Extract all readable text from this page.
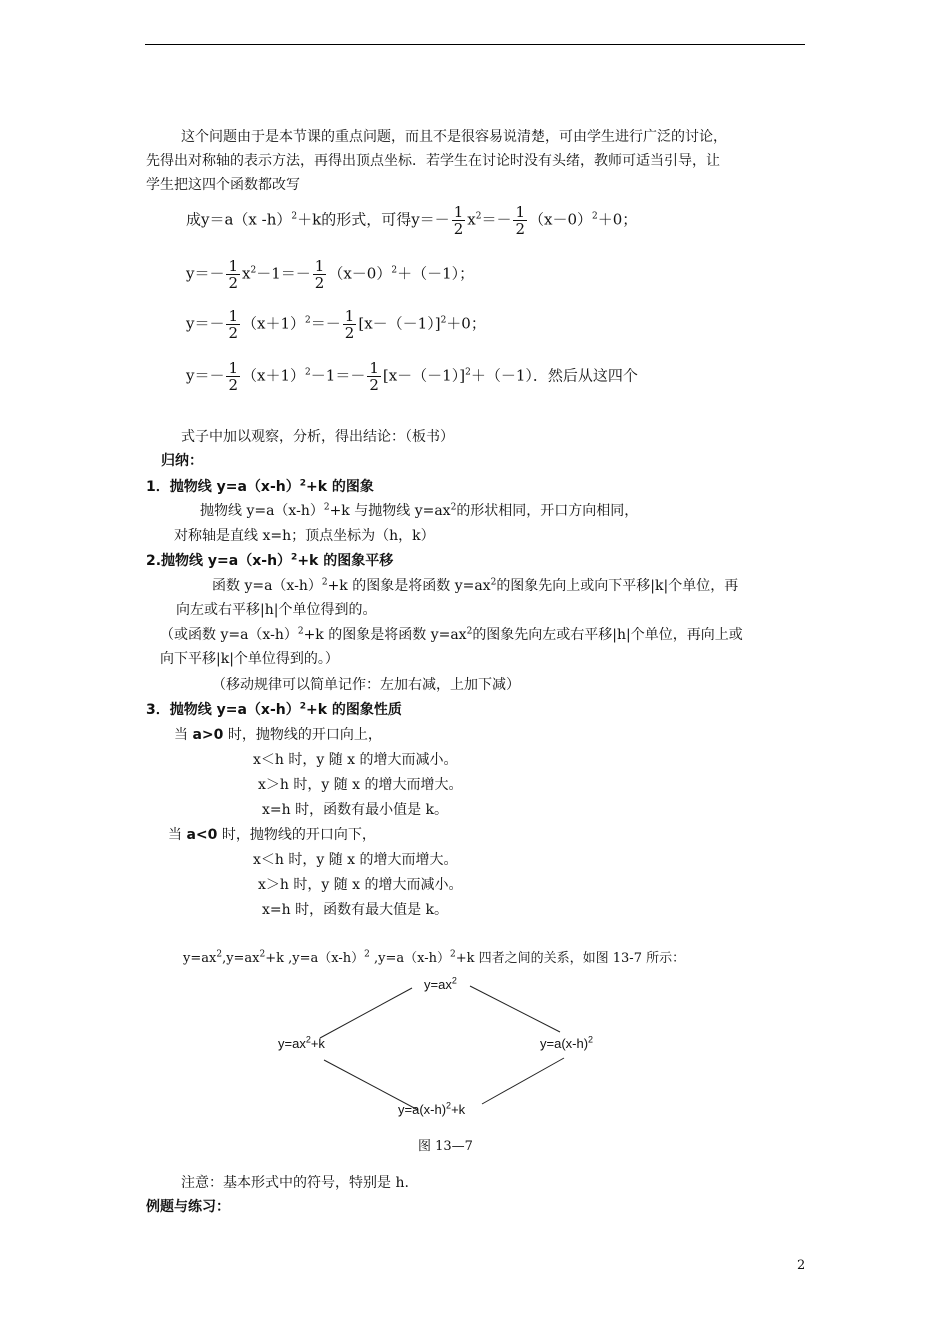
这个问题由于是本节课的重点问题，而且不是很容易说清楚，可由学生进行广泛的讨论，
先得出对称轴的表示方法，再得出顶点坐标．若学生在讨论时没有头绪，教师可适当引导，让
学生把这四个函数都改写
成y＝a（x -h）$^2$＋k的形式，可得$y=- \frac{1}{2} x^2=- \frac{1}{2} (x-0)^2+0$；
$y=- \frac{1}{2} x^2-1=- \frac{1}{2} (x-0)^2+(-1)$；
$y=- \frac{1}{2} (x+1)^2=- \frac{1}{2} [x-(-1)]^2+0$；
$y=- \frac{1}{2} (x+1)^2-1=- \frac{1}{2} [x-(-1)]^2+(-1)$．然后从这四个
式子中加以观察，分析，得出结论：（板书）
归纳：
1．抛物线 $y=a(x-h)^2+k$ 的图象
抛物线 $y=a(x-h)^2+k$ 与抛物线 $y=ax^2$的形状相同，开口方向相同，
对称轴是直线 x=h；顶点坐标为（h，k）
2.抛物线 $y=a(x-h)^2+k$ 的图象平移
函数 $y=a(x-h)^2+k$ 的图象是将函数 $y=ax^2$的图象先向上或向下平移|k|个单位，再
向左或右平移|h|个单位得到的。
（或函数 $y=a(x-h)^2+k$ 的图象是将函数 $y=ax^2$的图象先向左或右平移|h|个单位，再向上或
向下平移|k|个单位得到的。）
（移动规律可以简单记作：左加右减，上加下减）
3．抛物线 $y=a(x-h)^2+k$ 的图象性质
当 a>0 时，抛物线的开口向上，
x＜h 时，y 随 x 的增大而减小。
x＞h 时，y 随 x 的增大而增大。
x=h 时，函数有最小值是 k。
当 a<0 时，抛物线的开口向下，
x＜h 时，y 随 x 的增大而增大。
x＞h 时，y 随 x 的增大而减小。
x=h 时，函数有最大值是 k。
$y=ax^2,y=ax^2+k$ $,y=a(x-h)^2$ $,y=a(x-h)^2+k$ 四者之间的关系，如图 13-7 所示：
$y=ax^2$
$y=ax^2+k$	$y=a(x-h)^2$
$y=a(x-h)^2+k$
图 13—7
注意：基本形式中的符号，特别是 h.
例题与练习：
2
